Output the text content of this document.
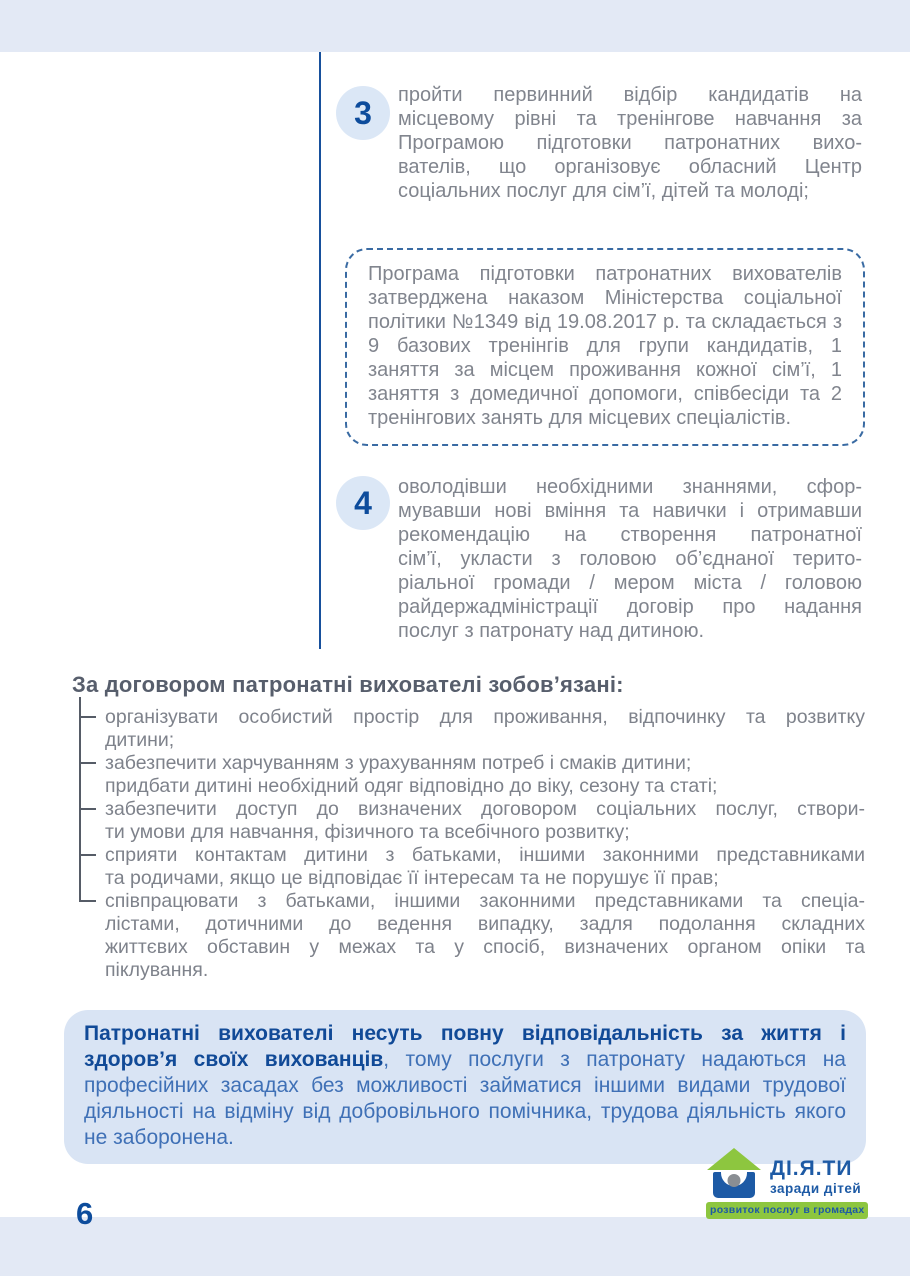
3 пройти первинний відбір кандидатів на
місцевому рівні та тренінгове навчання за
Програмою підготовки патронатних вихо-
вателів, що організовує обласний Центр
соціальних послуг для сім’ї, дітей та молоді;
Програма підготовки патронатних вихователів
затверджена наказом Міністерства соціальної
політики №1349 від 19.08.2017 р. та складається з
9 базових тренінгів для групи кандидатів, 1
заняття за місцем проживання кожної сім’ї, 1
заняття з домедичної допомоги, співбесіди та 2
тренінгових занять для місцевих спеціалістів.
4 оволодівши необхідними знаннями, сфор-
мувавши нові вміння та навички і отримавши
рекомендацію на створення патронатної
сім’ї, укласти з головою об’єднаної терито-
ріальної громади / мером міста / головою
райдержадміністрації договір про надання
послуг з патронату над дитиною.
За договором патронатні вихователі зобов’язані:
організувати особистий простір для проживання, відпочинку та розвитку
дитини;
забезпечити харчуванням з урахуванням потреб і смаків дитини;
придбати дитині необхідний одяг відповідно до віку, сезону та статі;
забезпечити доступ до визначених договором соціальних послуг, створи-
ти умови для навчання, фізичного та всебічного розвитку;
сприяти контактам дитини з батьками, іншими законними представниками
та родичами, якщо це відповідає її інтересам та не порушує її прав;
співпрацювати з батьками, іншими законними представниками та спеціа-
лістами, дотичними до ведення випадку, задля подолання складних
життєвих обставин у межах та у спосіб, визначених органом опіки та
піклування.
Патронатні вихователі несуть повну відповідальність за життя і здоров’я своїх вихованців, тому послуги з патронату надаються на професійних засадах без можливості займатися іншими видами трудової діяльності на відміну від добровільного помічника, трудова діяльність якого не заборонена.
ДІ.Я.ТИ
заради дітей
розвиток послуг в громадах
6
